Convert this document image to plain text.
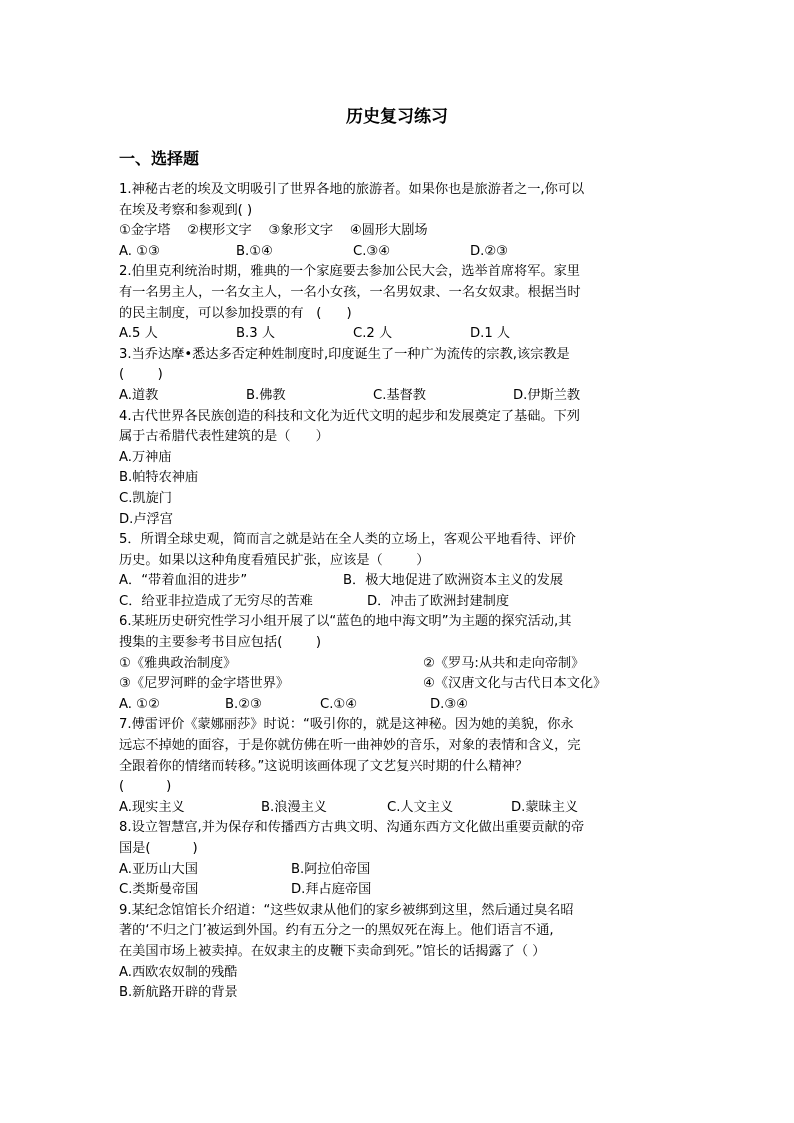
历史复习练习
一、选择题
1.神秘古老的埃及文明吸引了世界各地的旅游者。如果你也是旅游者之一,你可以
在埃及考察和参观到( )
①金字塔    ②楔形文字    ③象形文字    ④圆形大剧场
A. ①③	B.①④	C.③④	D.②③
2.伯里克利统治时期，雅典的一个家庭要去参加公民大会，选举首席将军。家里
有一名男主人，一名女主人，一名小女孩，一名男奴隶、一名女奴隶。根据当时
的民主制度，可以参加投票的有   (      )
A.5 人	B.3 人	C.2 人	D.1 人
3.当乔达摩•悉达多否定种姓制度时,印度诞生了一种广为流传的宗教,该宗教是
(        )
A.道教	B.佛教	C.基督教	D.伊斯兰教
4.古代世界各民族创造的科技和文化为近代文明的起步和发展奠定了基础。下列
属于古希腊代表性建筑的是（      ）
A.万神庙
B.帕特农神庙
C.凯旋门
D.卢浮宫
5．所谓全球史观，简而言之就是站在全人类的立场上，客观公平地看待、评价
历史。如果以这种角度看殖民扩张，应该是（        ）
A．“带着血泪的进步”	B．极大地促进了欧洲资本主义的发展
C．给亚非拉造成了无穷尽的苦难	D．冲击了欧洲封建制度
6.某班历史研究性学习小组开展了以“蓝色的地中海文明”为主题的探究活动,其
搜集的主要参考书目应包括(        )
①《雅典政治制度》	②《罗马:从共和走向帝制》
③《尼罗河畔的金字塔世界》	④《汉唐文化与古代日本文化》
A. ①②	B.②③	C.①④	D.③④
7.傅雷评价《蒙娜丽莎》时说：“吸引你的，就是这神秘。因为她的美貌，你永
远忘不掉她的面容，于是你就仿佛在听一曲神妙的音乐，对象的表情和含义，完
全跟着你的情绪而转移。”这说明该画体现了文艺复兴时期的什么精神？
(          )
A.现实主义	B.浪漫主义	C.人文主义	D.蒙昧主义
8.设立智慧宫,并为保存和传播西方古典文明、沟通东西方文化做出重要贡献的帝
国是(          )
A.亚历山大国	B.阿拉伯帝国
C.类斯曼帝国	D.拜占庭帝国
9.某纪念馆馆长介绍道：“这些奴隶从他们的家乡被绑到这里，然后通过臭名昭
著的‘不归之门’被运到外国。约有五分之一的黑奴死在海上。他们语言不通,
在美国市场上被卖掉。在奴隶主的皮鞭下卖命到死。”馆长的话揭露了（ ）
A.西欧农奴制的残酷
B.新航路开辟的背景
